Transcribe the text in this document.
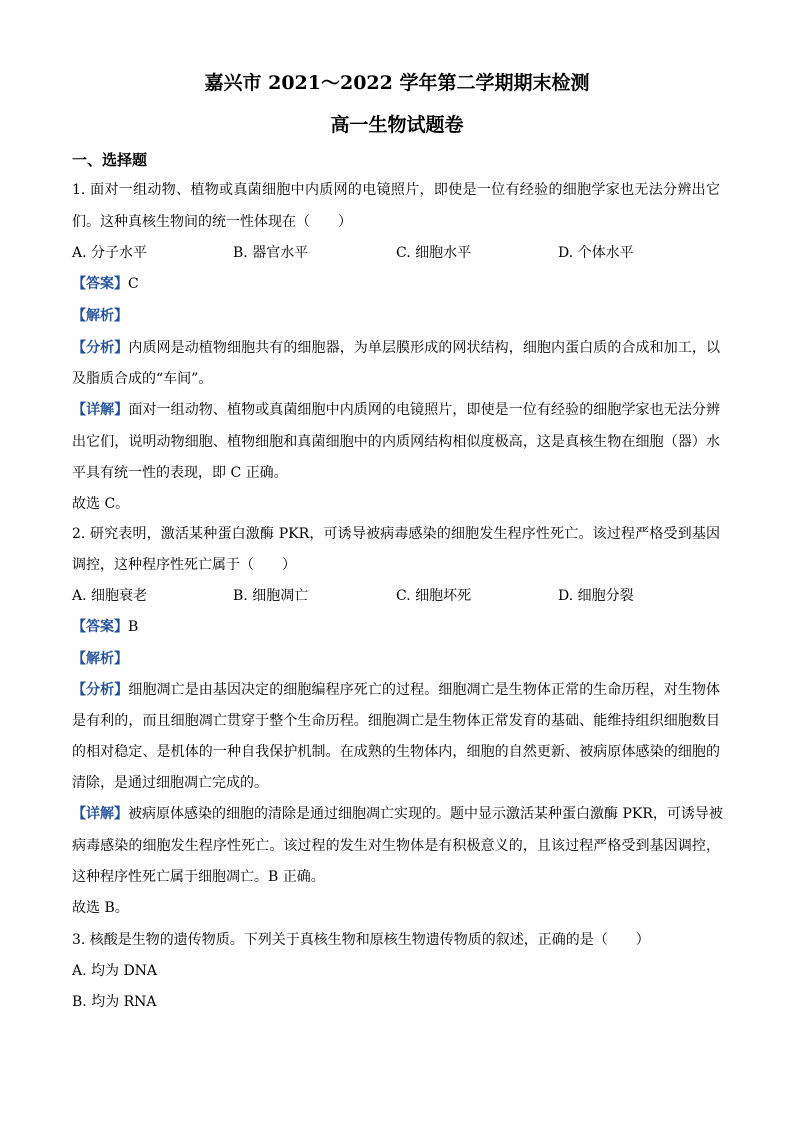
嘉兴市 2021～2022 学年第二学期期末检测
高一生物试题卷
一、选择题
1. 面对一组动物、植物或真菌细胞中内质网的电镜照片，即使是一位有经验的细胞学家也无法分辨出它
们。这种真核生物间的统一性体现在（　　）
A. 分子水平	B. 器官水平	C. 细胞水平	D. 个体水平
【答案】C
【解析】
【分析】内质网是动植物细胞共有的细胞器，为单层膜形成的网状结构，细胞内蛋白质的合成和加工，以
及脂质合成的“车间”。
【详解】面对一组动物、植物或真菌细胞中内质网的电镜照片，即使是一位有经验的细胞学家也无法分辨
出它们，说明动物细胞、植物细胞和真菌细胞中的内质网结构相似度极高，这是真核生物在细胞（器）水
平具有统一性的表现，即 C 正确。
故选 C。
2. 研究表明，激活某种蛋白激酶 PKR，可诱导被病毒感染的细胞发生程序性死亡。该过程严格受到基因
调控，这种程序性死亡属于（　　）
A. 细胞衰老	B. 细胞凋亡	C. 细胞坏死	D. 细胞分裂
【答案】B
【解析】
【分析】细胞凋亡是由基因决定的细胞编程序死亡的过程。细胞凋亡是生物体正常的生命历程，对生物体
是有利的，而且细胞凋亡贯穿于整个生命历程。细胞凋亡是生物体正常发育的基础、能维持组织细胞数目
的相对稳定、是机体的一种自我保护机制。在成熟的生物体内，细胞的自然更新、被病原体感染的细胞的
清除，是通过细胞凋亡完成的。
【详解】被病原体感染的细胞的清除是通过细胞凋亡实现的。题中显示激活某种蛋白激酶 PKR，可诱导被
病毒感染的细胞发生程序性死亡。该过程的发生对生物体是有积极意义的，且该过程严格受到基因调控，
这种程序性死亡属于细胞凋亡。B 正确。
故选 B。
3. 核酸是生物的遗传物质。下列关于真核生物和原核生物遗传物质的叙述，正确的是（　　）
A. 均为 DNA
B. 均为 RNA
